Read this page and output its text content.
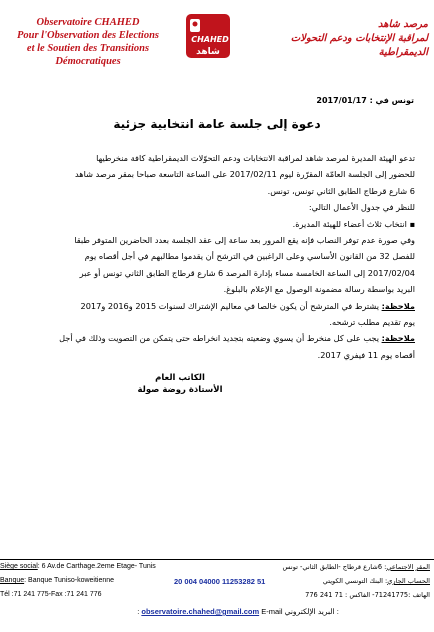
Observatoire CHAHED
Pour l'Observation des Elections
et le Soutien des Transitions
Démocratiques
CHAHED
شاهد
مرصد شاهد
لمراقبة الإنتخابات ودعم التحولات
الديمقراطية
تونس في : 2017/01/17
دعوة إلى جلسة عامة انتخابية جزئية

تدعو الهيئة المديرة لمرصد شاهد لمراقبة الانتخابات ودعم التحوّلات الديمقراطية كافة منخرطيها

للحضور إلى الجلسة العامّة المقرّرة ليوم 2017/02/11 على الساعة التاسعة صباحا بمقر مرصد شاهد

6 شارع قرطاج الطابق الثاني تونس، تونس.

للنظر في جدول الأعمال التالي:

▪ انتخاب ثلاث أعضاء للهيئة المديرة.

وفي صورة عدم توفر النصاب فإنه يقع المرور بعد ساعة إلى عقد الجلسة بعدد الحاضرين المتوفر طبقا

للفصل 32 من القانون الأساسي وعلى الراغبين في الترشح أن يقدموا مطالبهم في أجل أقصاه يوم

2017/02/04 إلى الساعة الخامسة مساء بإدارة المرصد 6 شارع قرطاج الطابق الثاني تونس أو عبر

البريد بواسطة رسالة مضمونة الوصول مع الإعلام بالبلوغ.

ملاحظة: يشترط في المترشح أن يكون خالصا في معاليم الإشتراك لسنوات 2015 و2016 و2017

يوم تقديم مطلب ترشحه.

ملاحظة: يجب على كل منخرط أن يسوي وضعيته بتجديد انخراطه حتى يتمكن من التصويت وذلك في أجل

أقصاه يوم 11 فيفري 2017.

الكاتب العام
الأستاذة روضة صولة
Siège social: 6 Av.de Carthage.2eme Etage- Tunis
Banque: Banque Tuniso-koweitienne
Tél :71 241 775-Fax :71 241 776
20 004 04000 11253282 51
المقر الاجتماعي: 6شارع قرطاج -الطابق الثاني- تونس
الحساب الجاري: البنك التونسي الكويتي
الهاتف :71241775- الفاكس : 71 241 776
: البريد الإلكتروني observatoire.chahed@gmail.com E-mail :
